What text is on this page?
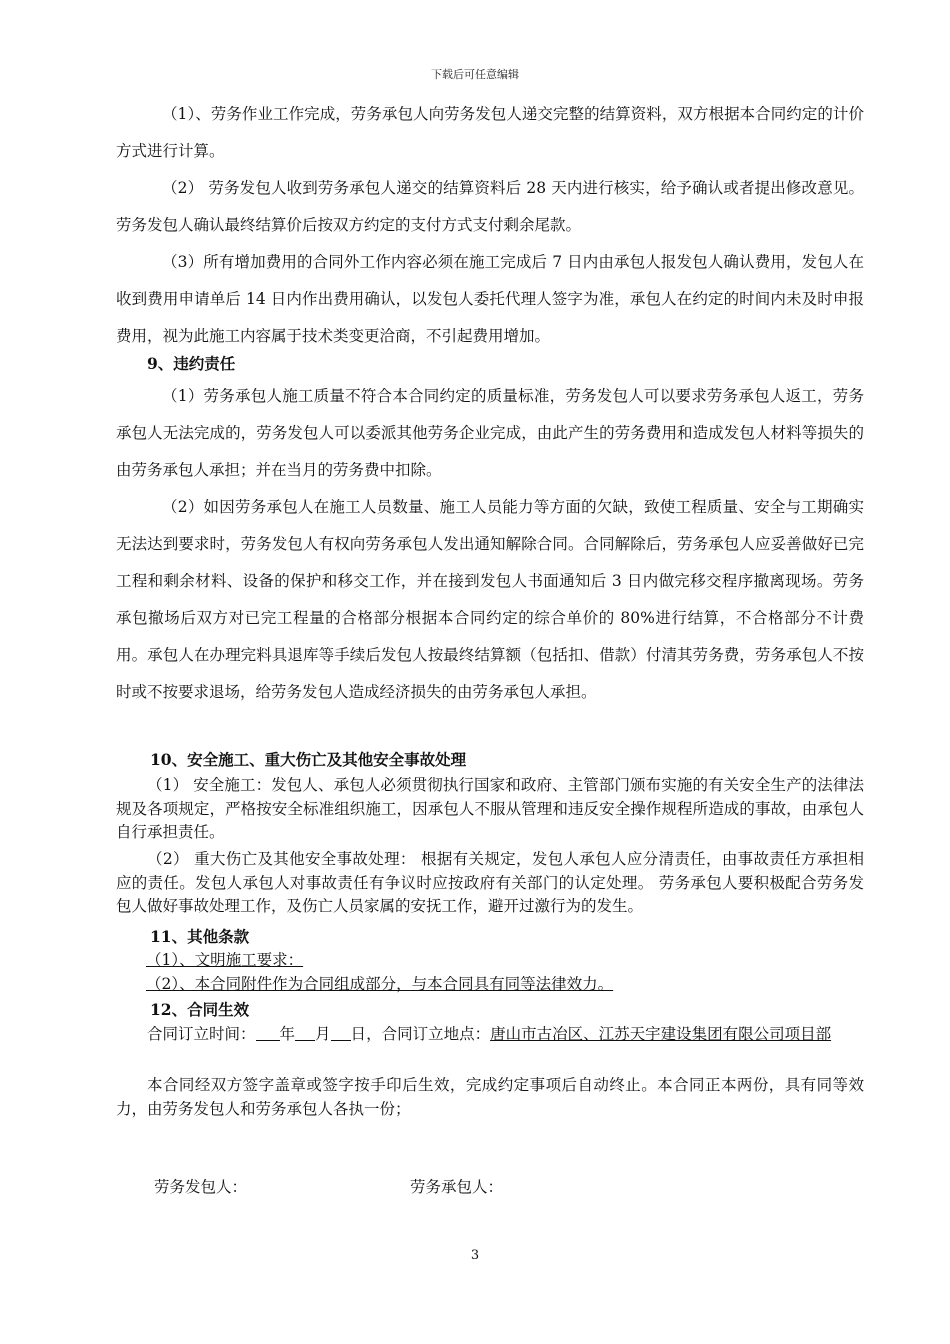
下载后可任意编辑

（1）、劳务作业工作完成，劳务承包人向劳务发包人递交完整的结算资料，双方根据本合同约定的计价方式进行计算。

（2） 劳务发包人收到劳务承包人递交的结算资料后 28 天内进行核实，给予确认或者提出修改意见。劳务发包人确认最终结算价后按双方约定的支付方式支付剩余尾款。

（3）所有增加费用的合同外工作内容必须在施工完成后 7 日内由承包人报发包人确认费用，发包人在收到费用申请单后 14 日内作出费用确认，以发包人委托代理人签字为准，承包人在约定的时间内未及时申报费用，视为此施工内容属于技术类变更洽商，不引起费用增加。

9、违约责任

（1）劳务承包人施工质量不符合本合同约定的质量标准，劳务发包人可以要求劳务承包人返工，劳务承包人无法完成的，劳务发包人可以委派其他劳务企业完成，由此产生的劳务费用和造成发包人材料等损失的由劳务承包人承担；并在当月的劳务费中扣除。

（2）如因劳务承包人在施工人员数量、施工人员能力等方面的欠缺，致使工程质量、安全与工期确实无法达到要求时，劳务发包人有权向劳务承包人发出通知解除合同。合同解除后，劳务承包人应妥善做好已完工程和剩余材料、设备的保护和移交工作，并在接到发包人书面通知后 3 日内做完移交程序撤离现场。劳务承包撤场后双方对已完工程量的合格部分根据本合同约定的综合单价的 80%进行结算，不合格部分不计费用。承包人在办理完料具退库等手续后发包人按最终结算额（包括扣、借款）付清其劳务费，劳务承包人不按时或不按要求退场，给劳务发包人造成经济损失的由劳务承包人承担。

10、安全施工、重大伤亡及其他安全事故处理

（1） 安全施工：发包人、承包人必须贯彻执行国家和政府、主管部门颁布实施的有关安全生产的法律法规及各项规定，严格按安全标准组织施工，因承包人不服从管理和违反安全操作规程所造成的事故，由承包人自行承担责任。

（2） 重大伤亡及其他安全事故处理： 根据有关规定，发包人承包人应分清责任，由事故责任方承担相应的责任。发包人承包人对事故责任有争议时应按政府有关部门的认定处理。 劳务承包人要积极配合劳务发包人做好事故处理工作，及伤亡人员家属的安抚工作，避开过激行为的发生。

11、其他条款
（1）、文明施工要求：
（2）、本合同附件作为合同组成部分，与本合同具有同等法律效力。
12、合同生效

合同订立时间： 年 月 日，合同订立地点：唐山市古冶区、江苏天宇建设集团有限公司项目部

本合同经双方签字盖章或签字按手印后生效，完成约定事项后自动终止。本合同正本两份，具有同等效力，由劳务发包人和劳务承包人各执一份；

劳务发包人：	劳务承包人：
3
